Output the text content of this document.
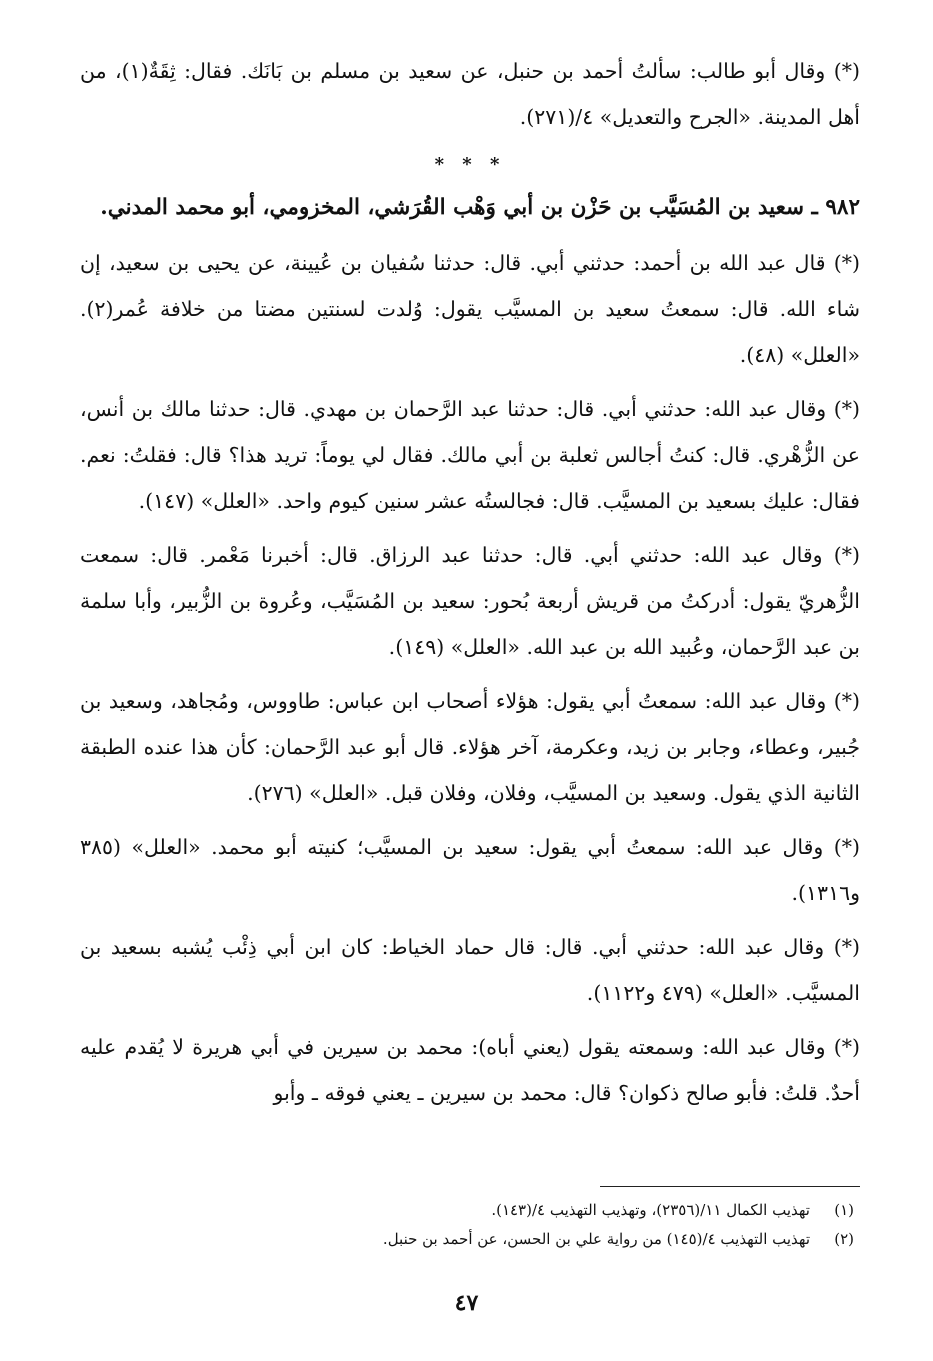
(*) وقال أبو طالب: سألتُ أحمد بن حنبل، عن سعيد بن مسلم بن بَانَك. فقال: ثِقَةٌ(١)، من أهل المدينة. «الجرح والتعديل» ٤/(٢٧١).

* * *

٩٨٢ ـ سعيد بن المُسَيَّب بن حَزْن بن أبي وَهْب القُرَشي، المخزومي، أبو محمد المدني.

(*) قال عبد الله بن أحمد: حدثني أبي. قال: حدثنا سُفيان بن عُيينة، عن يحيى بن سعيد، إن شاء الله. قال: سمعتُ سعيد بن المسيَّب يقول: وُلدت لسنتين مضتا من خلافة عُمر(٢). «العلل» (٤٨).

(*) وقال عبد الله: حدثني أبي. قال: حدثنا عبد الرَّحمان بن مهدي. قال: حدثنا مالك بن أنس، عن الزُّهْري. قال: كنتُ أجالس ثعلبة بن أبي مالك. فقال لي يوماً: تريد هذا؟ قال: فقلتُ: نعم. فقال: عليك بسعيد بن المسيَّب. قال: فجالستُه عشر سنين كيوم واحد. «العلل» (١٤٧).

(*) وقال عبد الله: حدثني أبي. قال: حدثنا عبد الرزاق. قال: أخبرنا مَعْمر. قال: سمعت الزُّهريّ يقول: أدركتُ من قريش أربعة بُحور: سعيد بن المُسَيَّب، وعُروة بن الزُّبير، وأبا سلمة بن عبد الرَّحمان، وعُبيد الله بن عبد الله. «العلل» (١٤٩).

(*) وقال عبد الله: سمعتُ أبي يقول: هؤلاء أصحاب ابن عباس: طاووس، ومُجاهد، وسعيد بن جُبير، وعطاء، وجابر بن زيد، وعكرمة، آخر هؤلاء. قال أبو عبد الرَّحمان: كأن هذا عنده الطبقة الثانية الذي يقول. وسعيد بن المسيَّب، وفلان، وفلان قبل. «العلل» (٢٧٦).

(*) وقال عبد الله: سمعتُ أبي يقول: سعيد بن المسيَّب؛ كنيته أبو محمد. «العلل» (٣٨٥ و١٣١٦).

(*) وقال عبد الله: حدثني أبي. قال: قال حماد الخياط: كان ابن أبي ذِئْب يُشبه بسعيد بن المسيَّب. «العلل» (٤٧٩ و١١٢٢).

(*) وقال عبد الله: وسمعته يقول (يعني أباه): محمد بن سيرين في أبي هريرة لا يُقدم عليه أحدٌ. قلتُ: فأبو صالح ذكوان؟ قال: محمد بن سيرين ـ يعني فوقه ـ وأبو

(١)تهذيب الكمال ١١/(٢٣٥٦)، وتهذيب التهذيب ٤/(١٤٣).

(٢)تهذيب التهذيب ٤/(١٤٥) من رواية علي بن الحسن، عن أحمد بن حنبل.

٤٧
